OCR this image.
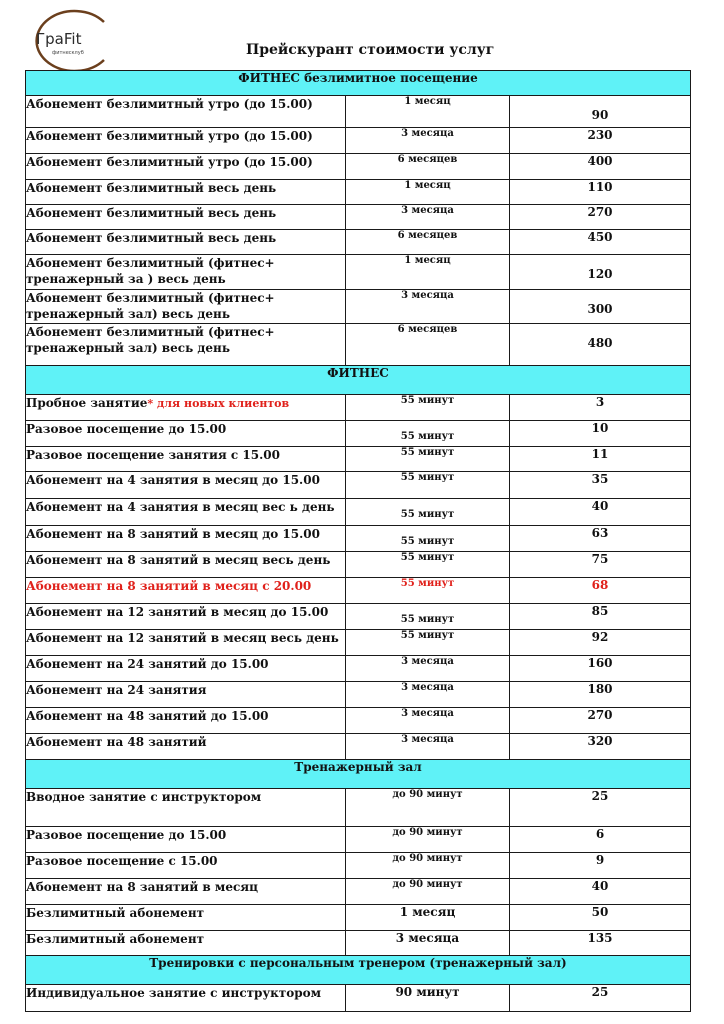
ГраFit
фитнесклуб	Прейскурант стоимости услуг
ФИТНЕС безлимитное посещение		
Абонемент безлимитный утро (до 15.00)	1 месяц	90
Абонемент безлимитный утро (до 15.00)	3 месяца	230
Абонемент безлимитный утро (до 15.00)	6 месяцев	400
Абонемент безлимитный весь день	1 месяц	110
Абонемент безлимитный весь день	3 месяца	270
Абонемент безлимитный весь день	6 месяцев	450
Абонемент безлимитный (фитнес+
тренажерный за ) весь день	1 месяц	120
Абонемент безлимитный (фитнес+
тренажерный зал) весь день	3 месяца	300
Абонемент безлимитный (фитнес+
тренажерный зал) весь день	6 месяцев	480
ФИТНЕС		
Пробное занятие* для новых клиентов	55 минут	3
Разовое посещение до 15.00	55 минут	10
Разовое посещение занятия с 15.00	55 минут	11
Абонемент на 4 занятия в месяц до 15.00	55 минут	35
Абонемент на 4 занятия в месяц вес ь день	55 минут	40
Абонемент на 8 занятий в месяц до 15.00	55 минут	63
Абонемент на 8 занятий в месяц весь день	55 минут	75
Абонемент на 8 занятий в месяц с 20.00	55 минут	68
Абонемент на 12 занятий в месяц до 15.00	55 минут	85
Абонемент на 12 занятий в месяц весь день	55 минут	92
Абонемент на 24 занятий до 15.00	3 месяца	160
Абонемент на 24 занятия	3 месяца	180
Абонемент на 48 занятий до 15.00	3 месяца	270
Абонемент на 48 занятий	3 месяца	320
Тренажерный зал		
Вводное занятие с инструктором	до 90 минут	25
Разовое посещение до 15.00	до 90 минут	6
Разовое посещение с 15.00	до 90 минут	9
Абонемент на 8 занятий в месяц	до 90 минут	40
Безлимитный абонемент	1 месяц	50
Безлимитный абонемент	3 месяца	135
Тренировки с персональным тренером (тренажерный зал)		
Индивидуальное занятие с инструктором	90 минут	25
